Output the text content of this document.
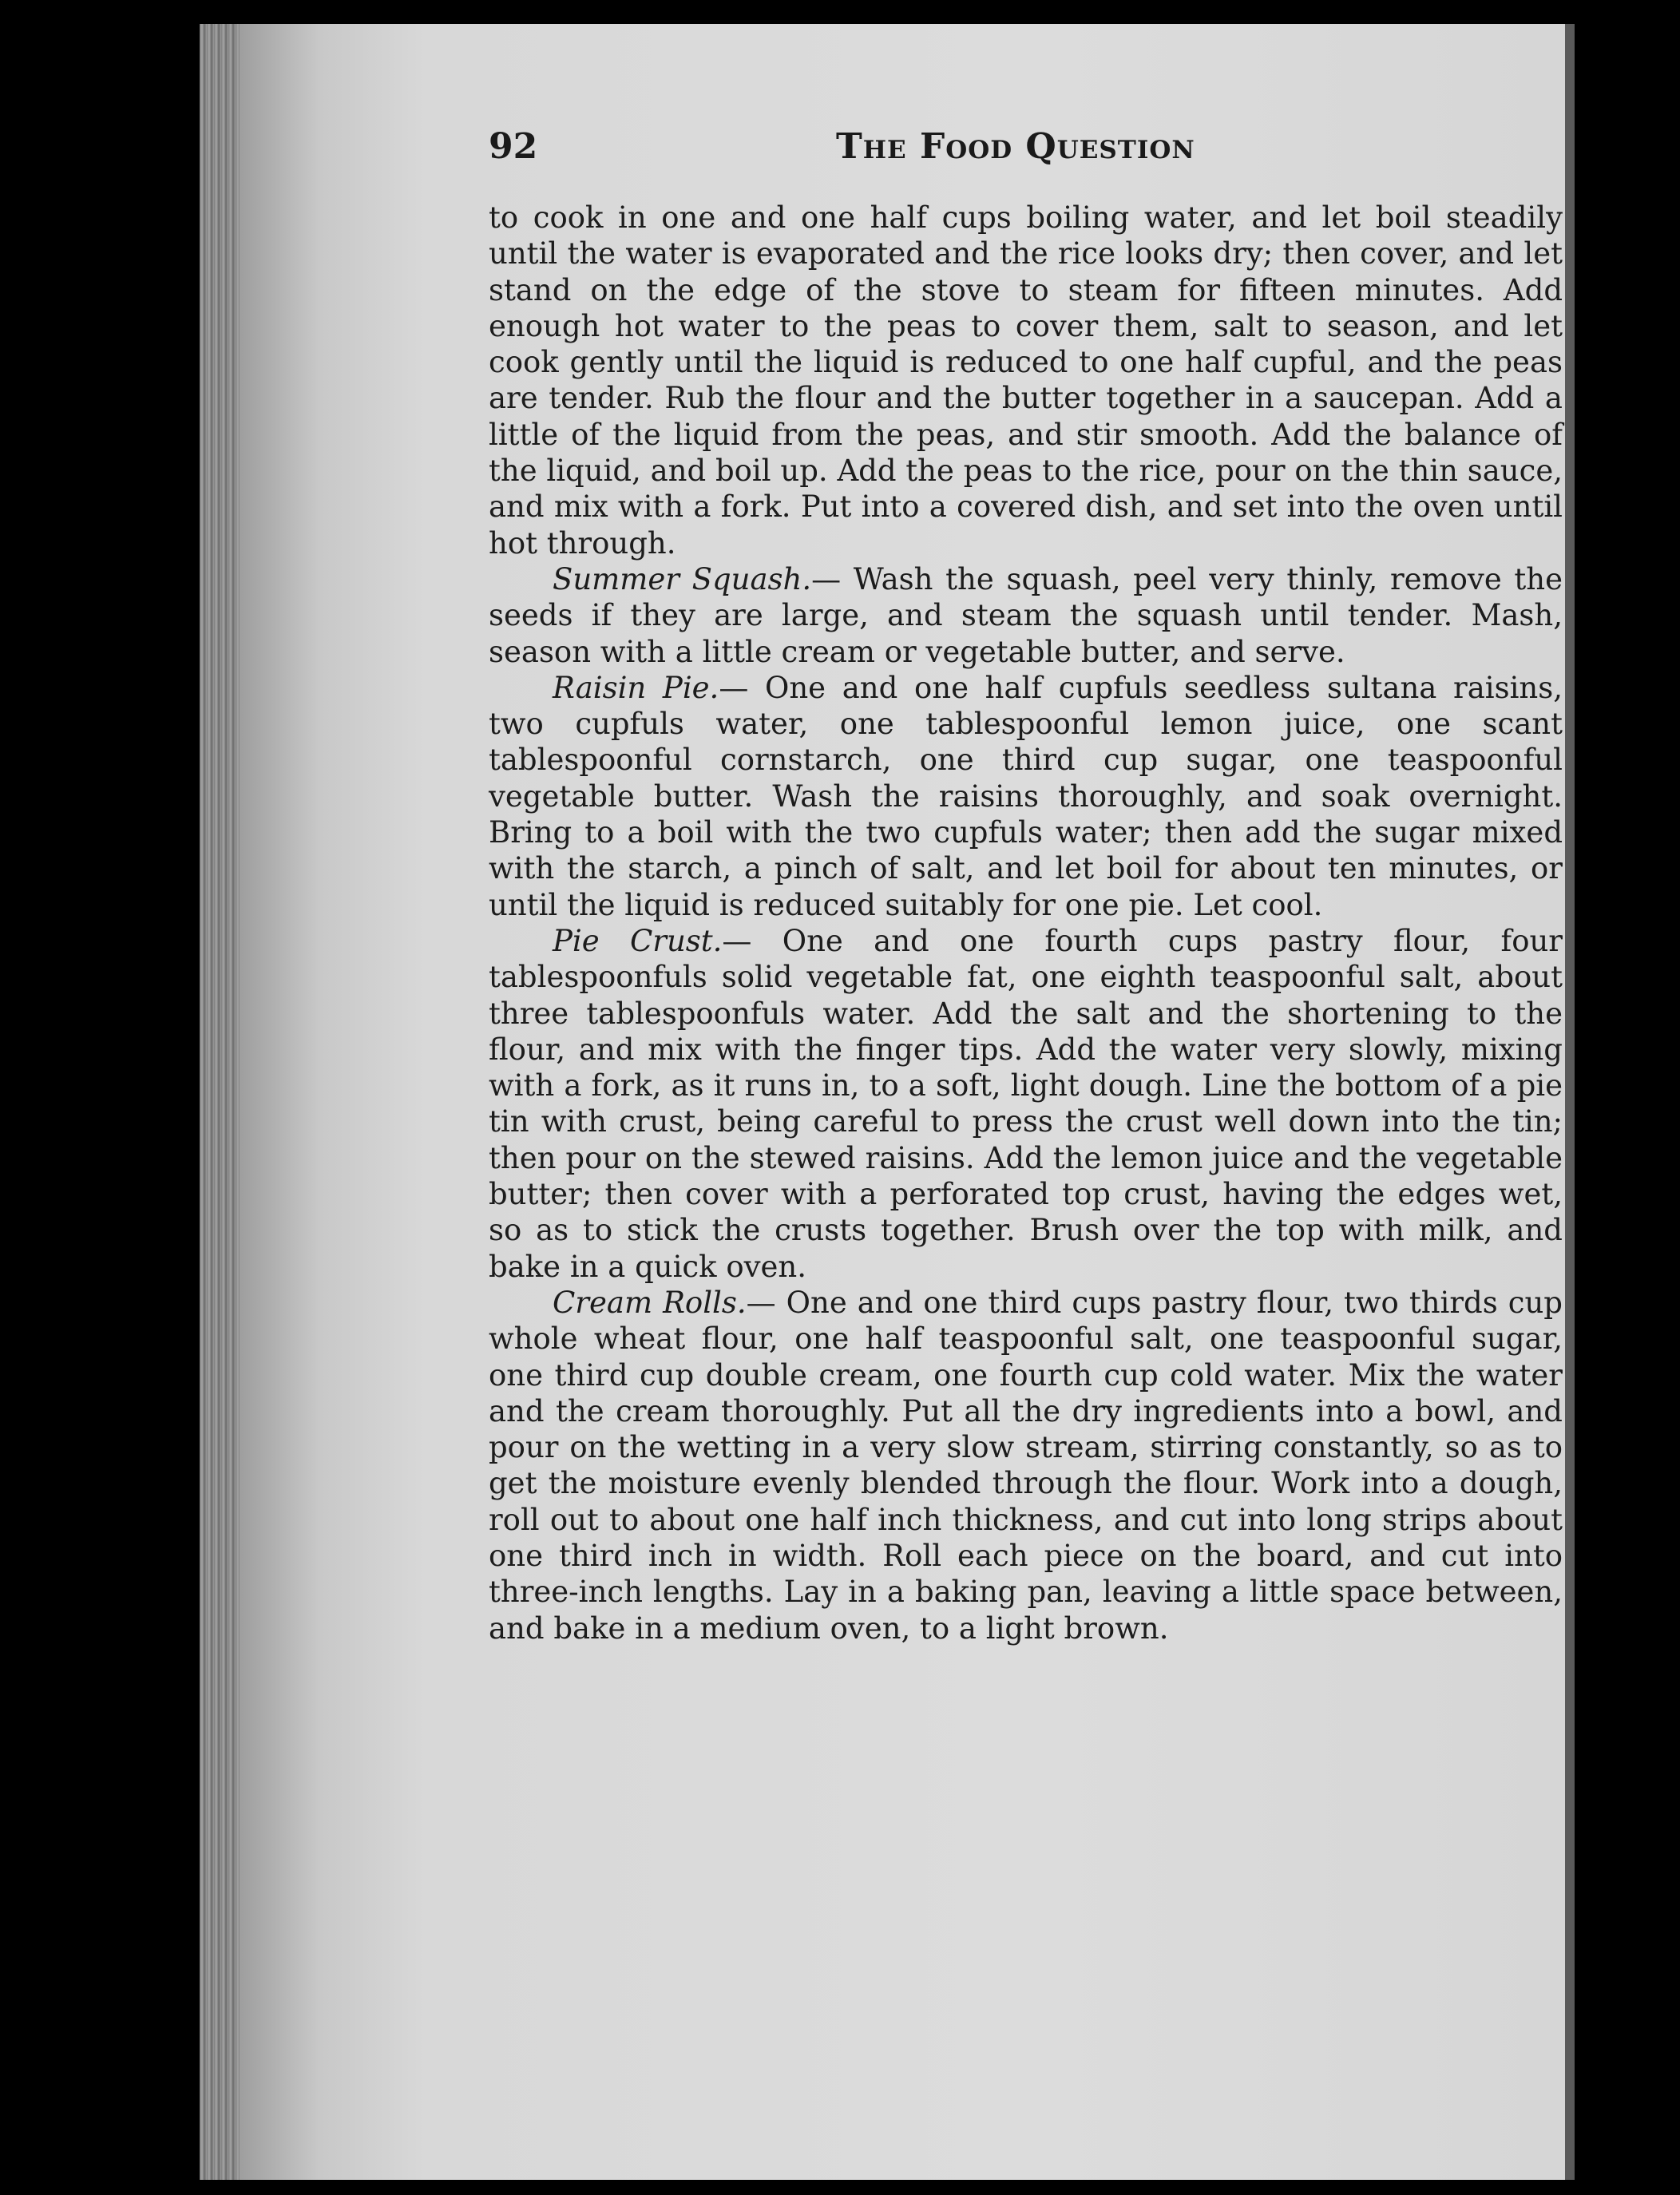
92	The Food Question

to cook in one and one half cups boiling water, and let boil steadily until the water is evaporated and the rice looks dry; then cover, and let stand on the edge of the stove to steam for fifteen minutes. Add enough hot water to the peas to cover them, salt to season, and let cook gently until the liquid is reduced to one half cupful, and the peas are tender. Rub the flour and the butter together in a saucepan. Add a little of the liquid from the peas, and stir smooth. Add the balance of the liquid, and boil up. Add the peas to the rice, pour on the thin sauce, and mix with a fork. Put into a covered dish, and set into the oven until hot through.

Summer Squash.— Wash the squash, peel very thinly, remove the seeds if they are large, and steam the squash until tender. Mash, season with a little cream or vegetable butter, and serve.

Raisin Pie.— One and one half cupfuls seedless sultana raisins, two cupfuls water, one tablespoonful lemon juice, one scant tablespoonful cornstarch, one third cup sugar, one teaspoonful vegetable butter. Wash the raisins thoroughly, and soak overnight. Bring to a boil with the two cupfuls water; then add the sugar mixed with the starch, a pinch of salt, and let boil for about ten minutes, or until the liquid is reduced suitably for one pie. Let cool.

Pie Crust.— One and one fourth cups pastry flour, four tablespoonfuls solid vegetable fat, one eighth teaspoonful salt, about three tablespoonfuls water. Add the salt and the shortening to the flour, and mix with the finger tips. Add the water very slowly, mixing with a fork, as it runs in, to a soft, light dough. Line the bottom of a pie tin with crust, being careful to press the crust well down into the tin; then pour on the stewed raisins. Add the lemon juice and the vegetable butter; then cover with a perforated top crust, having the edges wet, so as to stick the crusts together. Brush over the top with milk, and bake in a quick oven.

Cream Rolls.— One and one third cups pastry flour, two thirds cup whole wheat flour, one half teaspoonful salt, one teaspoonful sugar, one third cup double cream, one fourth cup cold water. Mix the water and the cream thoroughly. Put all the dry ingredients into a bowl, and pour on the wetting in a very slow stream, stirring constantly, so as to get the moisture evenly blended through the flour. Work into a dough, roll out to about one half inch thickness, and cut into long strips about one third inch in width. Roll each piece on the board, and cut into three-inch lengths. Lay in a baking pan, leaving a little space between, and bake in a medium oven, to a light brown.
